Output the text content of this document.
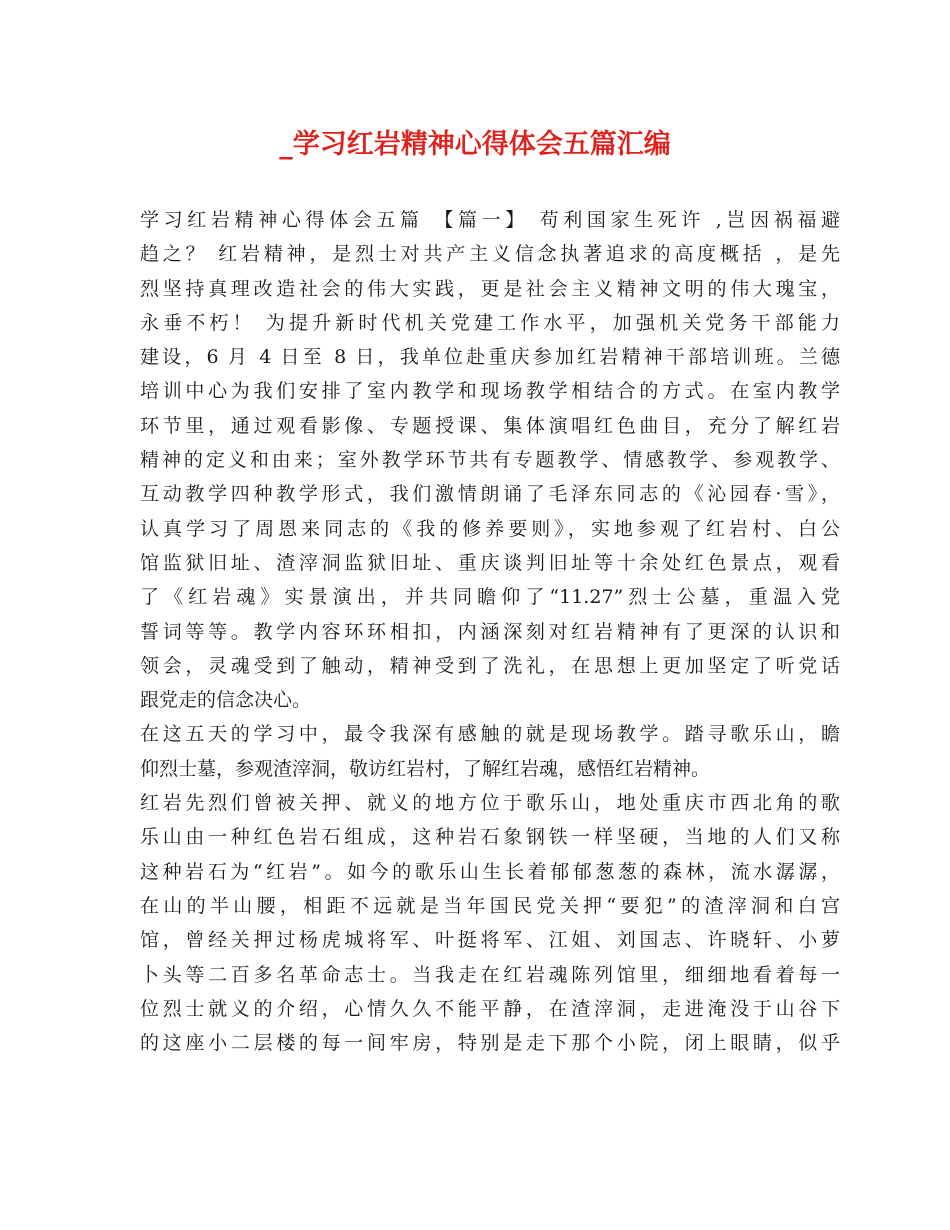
_学习红岩精神心得体会五篇汇编
学习红岩精神心得体会五篇 【篇一】 苟利国家生死许 ,岂因祸福避
趋之？ 红岩精神，是烈士对共产主义信念执著追求的高度概括 ，是先
烈坚持真理改造社会的伟大实践，更是社会主义精神文明的伟大瑰宝，
永垂不朽！ 为提升新时代机关党建工作水平，加强机关党务干部能力
建设，6 月 4 日至 8 日，我单位赴重庆参加红岩精神干部培训班。兰德
培训中心为我们安排了室内教学和现场教学相结合的方式。在室内教学
环节里，通过观看影像、专题授课、集体演唱红色曲目，充分了解红岩
精神的定义和由来；室外教学环节共有专题教学、情感教学、参观教学、
互动教学四种教学形式，我们激情朗诵了毛泽东同志的《沁园春·雪》，
认真学习了周恩来同志的《我的修养要则》，实地参观了红岩村、白公
馆监狱旧址、渣滓洞监狱旧址、重庆谈判旧址等十余处红色景点，观看
了《红岩魂》实景演出，并共同瞻仰了“11.27”烈士公墓，重温入党
誓词等等。教学内容环环相扣，内涵深刻对红岩精神有了更深的认识和
领会，灵魂受到了触动，精神受到了洗礼，在思想上更加坚定了听党话
跟党走的信念决心。
在这五天的学习中，最令我深有感触的就是现场教学。踏寻歌乐山，瞻
仰烈士墓，参观渣滓洞，敬访红岩村，了解红岩魂，感悟红岩精神。
红岩先烈们曾被关押、就义的地方位于歌乐山，地处重庆市西北角的歌
乐山由一种红色岩石组成，这种岩石象钢铁一样坚硬，当地的人们又称
这种岩石为“红岩”。如今的歌乐山生长着郁郁葱葱的森林，流水潺潺，
在山的半山腰，相距不远就是当年国民党关押“要犯”的渣滓洞和白宫
馆，曾经关押过杨虎城将军、叶挺将军、江姐、刘国志、许晓轩、小萝
卜头等二百多名革命志士。当我走在红岩魂陈列馆里，细细地看着每一
位烈士就义的介绍，心情久久不能平静，在渣滓洞，走进淹没于山谷下
的这座小二层楼的每一间牢房，特别是走下那个小院，闭上眼睛，似乎
